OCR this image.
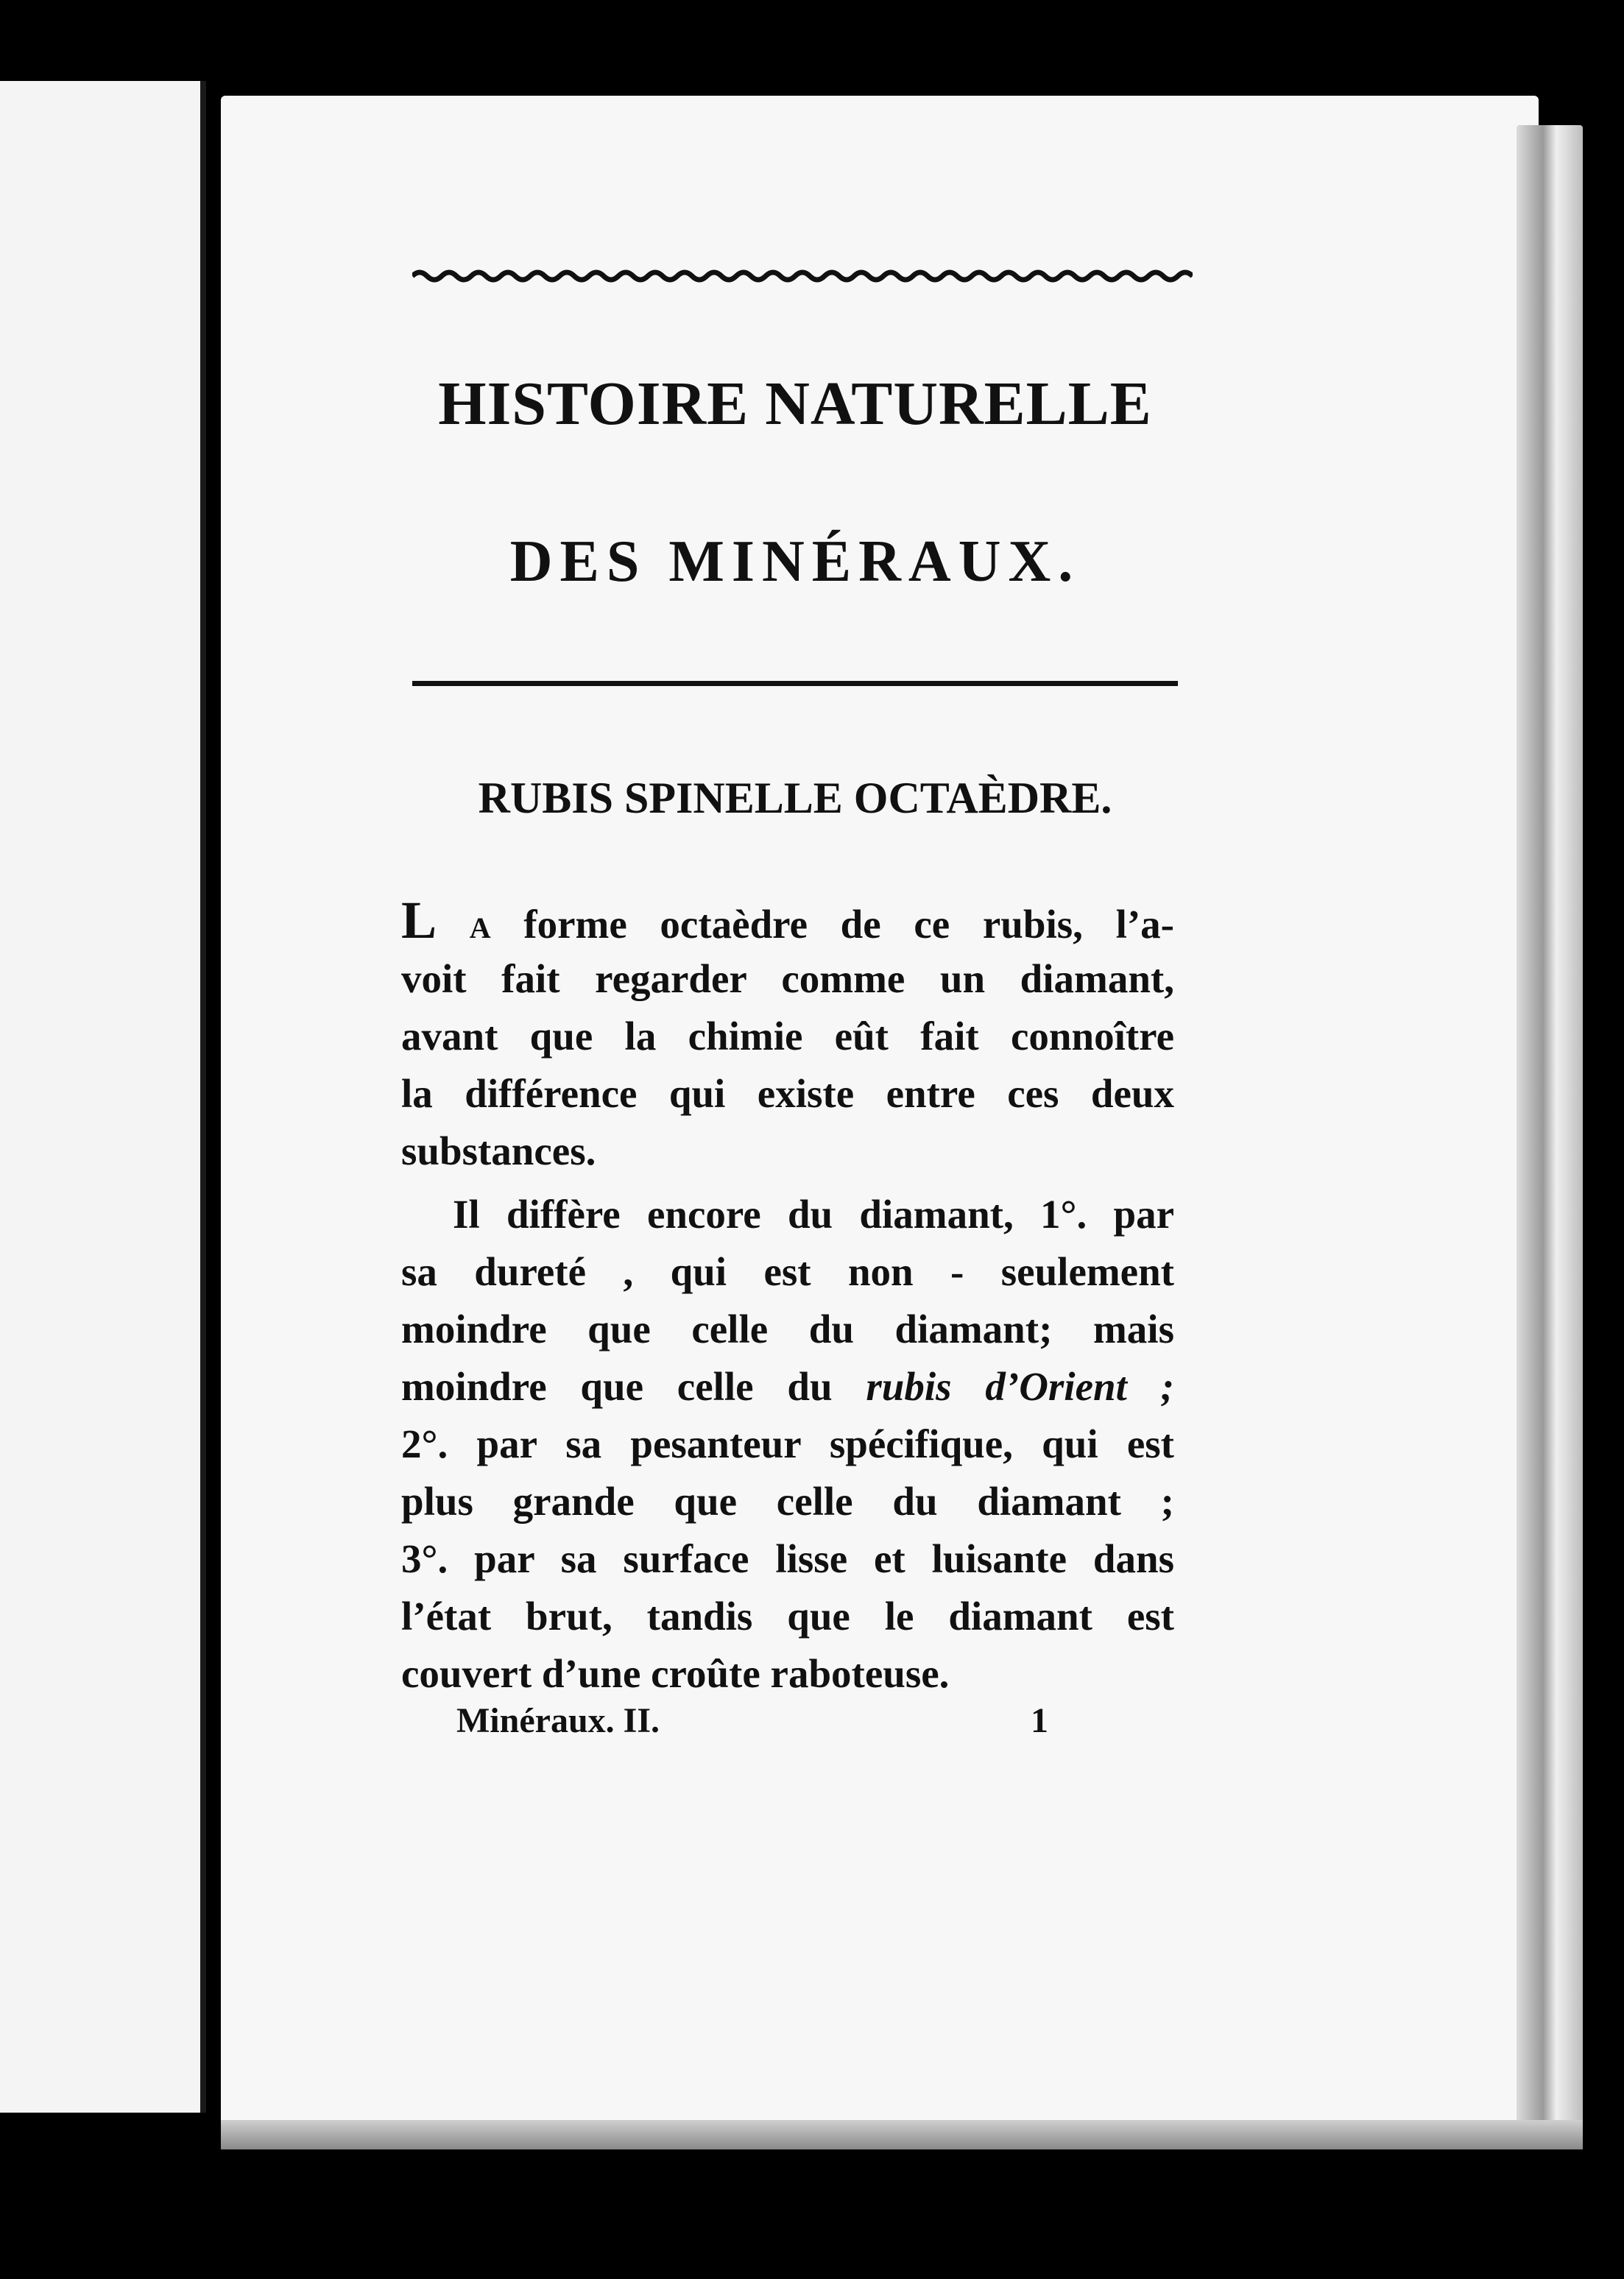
HISTOIRE NATURELLE
DES MINÉRAUX.
RUBIS SPINELLE OCTAÈDRE.
L A forme octaèdre de ce rubis, l’a-
voit fait regarder comme un diamant,
avant que la chimie eût fait connoître
la différence qui existe entre ces deux
substances.
Il diffère encore du diamant, 1°. par
sa dureté , qui est non - seulement
moindre que celle du diamant; mais
moindre que celle du rubis d’Orient ;
2°. par sa pesanteur spécifique, qui est
plus grande que celle du diamant ;
3°. par sa surface lisse et luisante dans
l’état brut, tandis que le diamant est
couvert d’une croûte raboteuse.
Minéraux. II.	1
